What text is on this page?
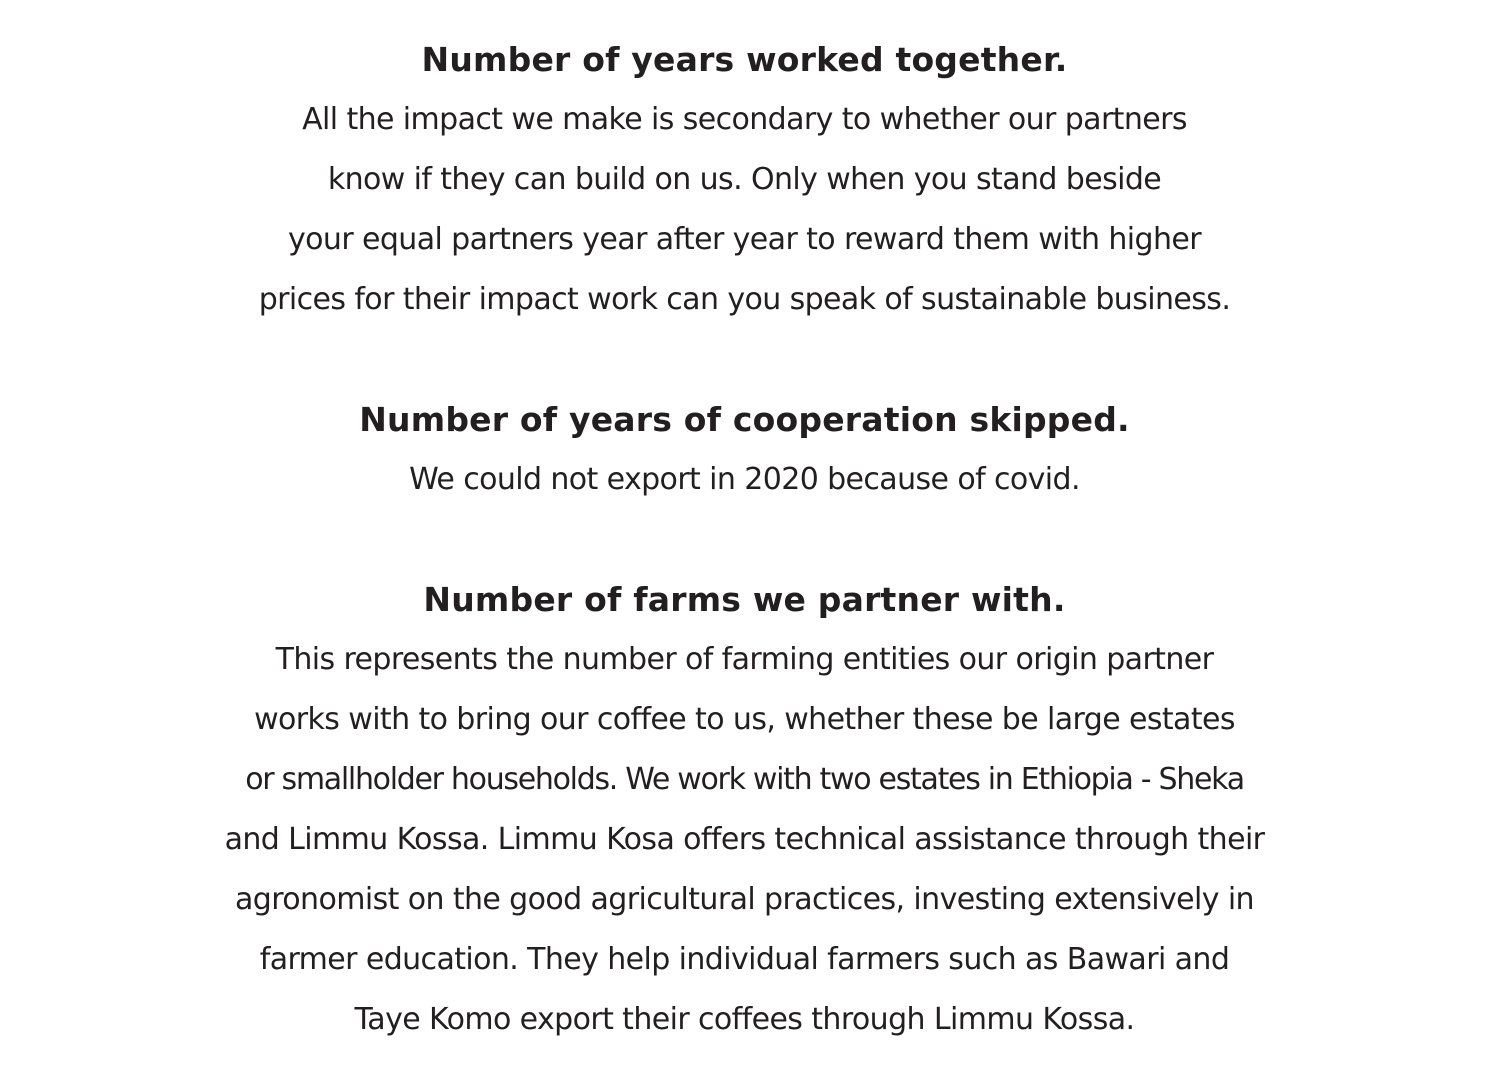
Number of years worked together.
All the impact we make is secondary to whether our partners
know if they can build on us. Only when you stand beside
your equal partners year after year to reward them with higher
prices for their impact work can you speak of sustainable business.
Number of years of cooperation skipped.
We could not export in 2020 because of covid.
Number of farms we partner with.
This represents the number of farming entities our origin partner
works with to bring our coffee to us, whether these be large estates
or smallholder households. We work with two estates in Ethiopia - Sheka
and Limmu Kossa. Limmu Kosa offers technical assistance through their
agronomist on the good agricultural practices, investing extensively in
farmer education. They help individual farmers such as Bawari and
Taye Komo export their coffees through Limmu Kossa.
